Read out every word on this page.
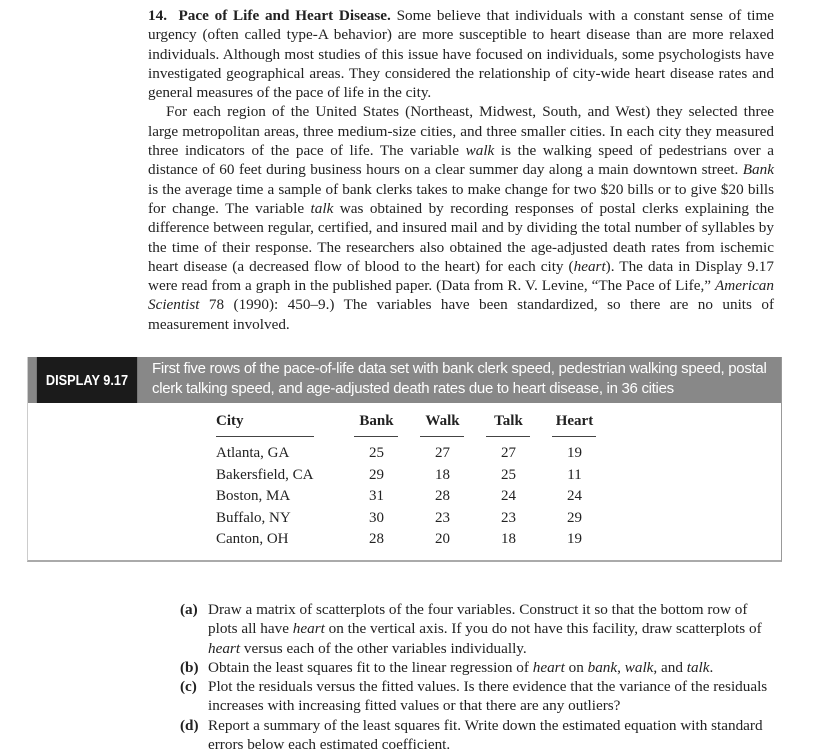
14. Pace of Life and Heart Disease. Some believe that individuals with a constant sense of time urgency (often called type-A behavior) are more susceptible to heart disease than are more relaxed individuals. Although most studies of this issue have focused on individuals, some psychologists have investigated geographical areas. They considered the relationship of city-wide heart disease rates and general measures of the pace of life in the city.

For each region of the United States (Northeast, Midwest, South, and West) they selected three large metropolitan areas, three medium-size cities, and three smaller cities. In each city they measured three indicators of the pace of life. The variable walk is the walking speed of pedestrians over a distance of 60 feet during business hours on a clear summer day along a main downtown street. Bank is the average time a sample of bank clerks takes to make change for two $20 bills or to give $20 bills for change. The variable talk was obtained by recording responses of postal clerks explaining the difference between regular, certified, and insured mail and by dividing the total number of syllables by the time of their response. The researchers also obtained the age-adjusted death rates from ischemic heart disease (a decreased flow of blood to the heart) for each city (heart). The data in Display 9.17 were read from a graph in the published paper. (Data from R. V. Levine, “The Pace of Life,” American Scientist 78 (1990): 450–9.) The variables have been standardized, so there are no units of measurement involved.

DISPLAY 9.17
First five rows of the pace-of-life data set with bank clerk speed, pedestrian walking speed, postal clerk talking speed, and age-adjusted death rates due to heart disease, in 36 cities
City	Bank	Walk	Talk	Heart
Atlanta, GA	25	27	27	19
Bakersfield, CA	29	18	25	11
Boston, MA	31	28	24	24
Buffalo, NY	30	23	23	29
Canton, OH	28	20	18	19
(a) Draw a matrix of scatterplots of the four variables. Construct it so that the bottom row of plots all have heart on the vertical axis. If you do not have this facility, draw scatterplots of heart versus each of the other variables individually.
(b) Obtain the least squares fit to the linear regression of heart on bank, walk, and talk.
(c) Plot the residuals versus the fitted values. Is there evidence that the variance of the residuals increases with increasing fitted values or that there are any outliers?
(d) Report a summary of the least squares fit. Write down the estimated equation with standard errors below each estimated coefficient.
